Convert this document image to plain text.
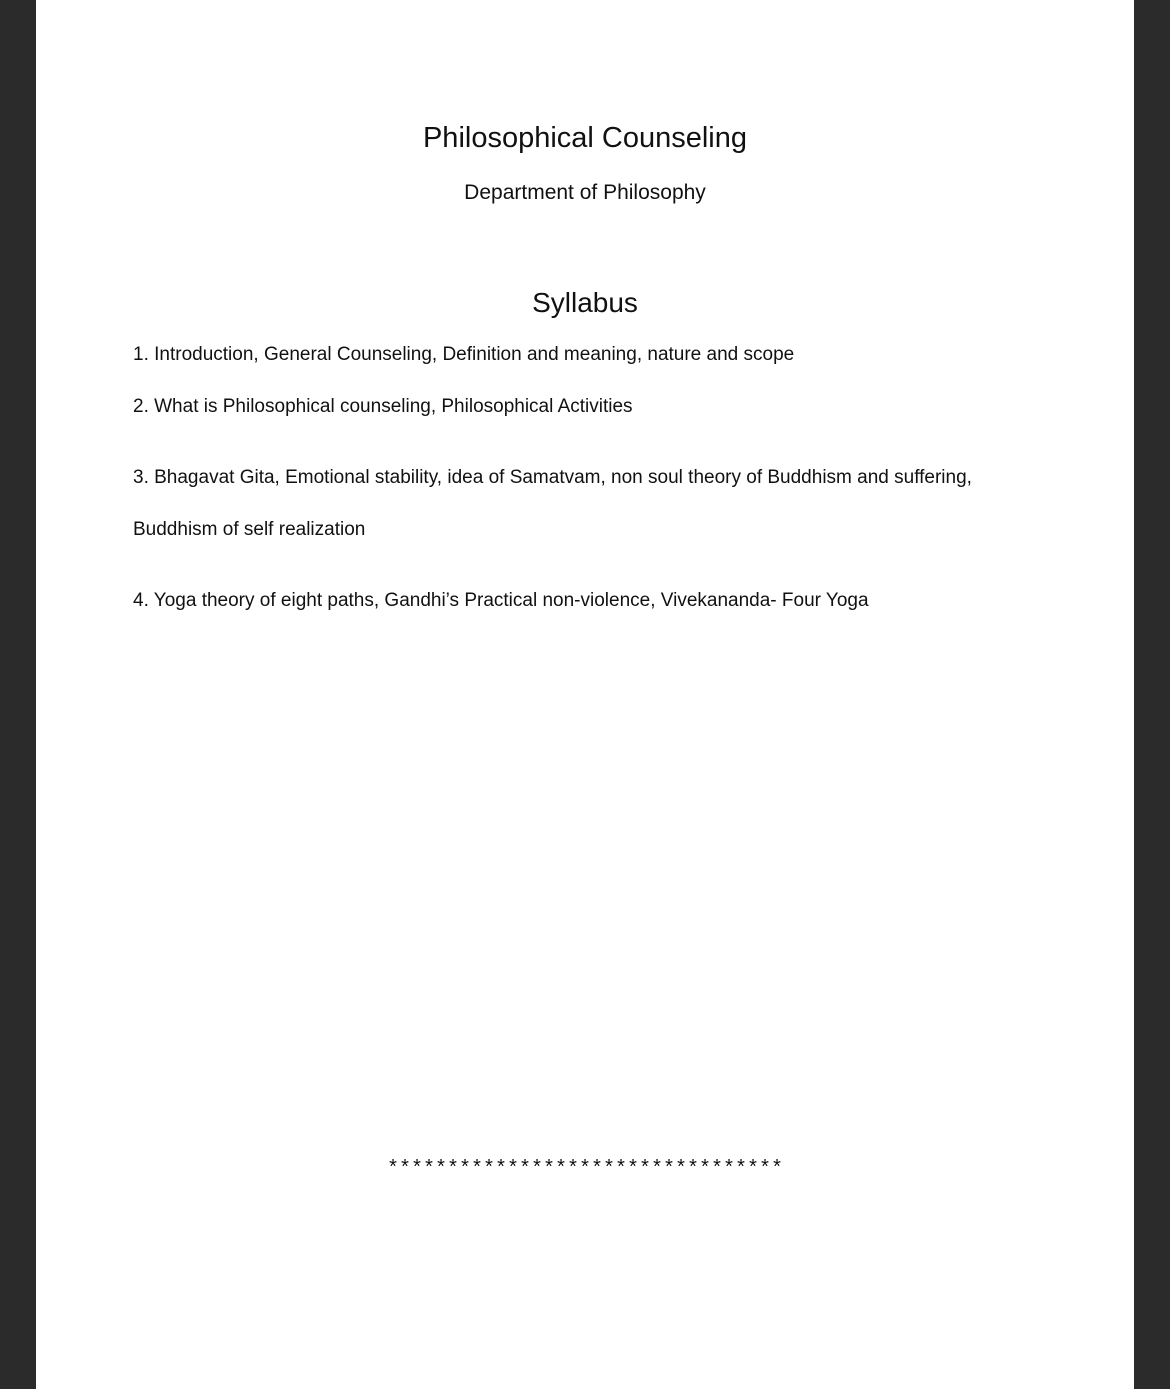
Philosophical Counseling
Department of Philosophy
Syllabus
1. Introduction, General Counseling, Definition and meaning, nature and scope
2. What is Philosophical counseling, Philosophical Activities
3. Bhagavat Gita, Emotional stability, idea of Samatvam, non soul theory of Buddhism and suffering,
Buddhism of self realization
4. Yoga theory of eight paths, Gandhi’s Practical non-violence, Vivekananda- Four Yoga
*********************************
